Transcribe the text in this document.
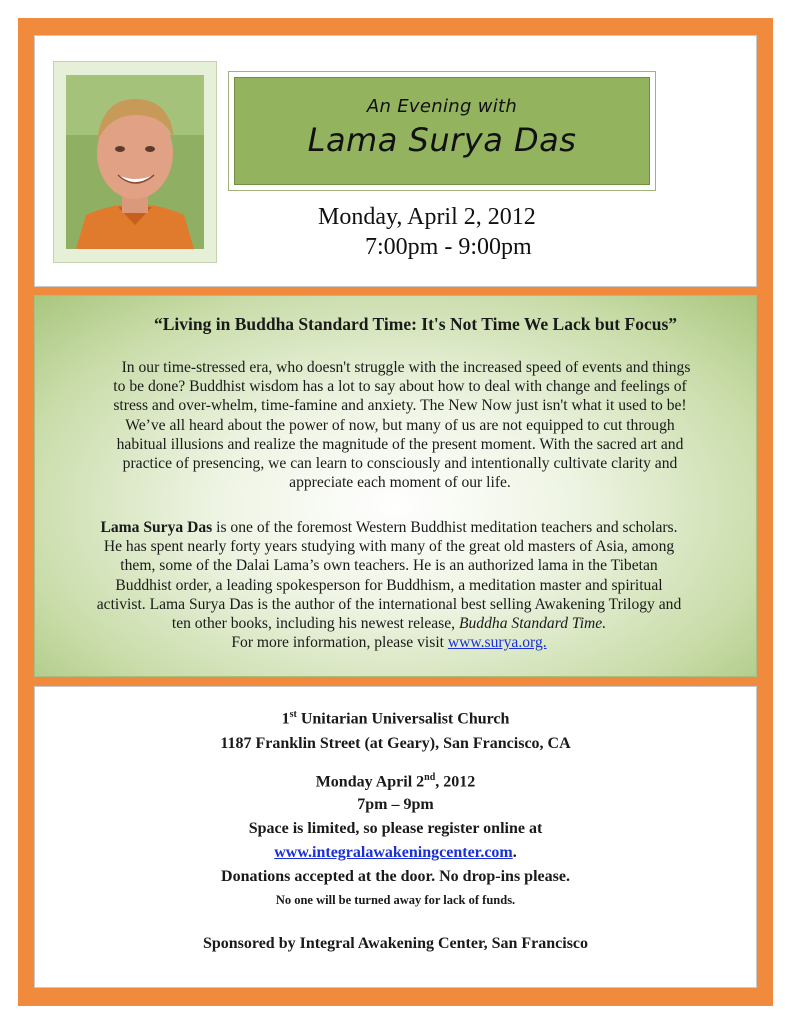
An Evening with
Lama Surya Das
Monday, April 2, 2012
7:00pm - 9:00pm
“Living in Buddha Standard Time: It's Not Time We Lack but Focus”
In our time-stressed era, who doesn't struggle with the increased speed of events and things
to be done? Buddhist wisdom has a lot to say about how to deal with change and feelings of
stress and over-whelm, time-famine and anxiety. The New Now just isn't what it used to be!
We’ve all heard about the power of now, but many of us are not equipped to cut through
habitual illusions and realize the magnitude of the present moment. With the sacred art and
practice of presencing, we can learn to consciously and intentionally cultivate clarity and
appreciate each moment of our life.
Lama Surya Das is one of the foremost Western Buddhist meditation teachers and scholars.
He has spent nearly forty years studying with many of the great old masters of Asia, among
them, some of the Dalai Lama’s own teachers. He is an authorized lama in the Tibetan
Buddhist order, a leading spokesperson for Buddhism, a meditation master and spiritual
activist. Lama Surya Das is the author of the international best selling Awakening Trilogy and
ten other books, including his newest release, Buddha Standard Time.
For more information, please visit www.surya.org.
1st Unitarian Universalist Church
1187 Franklin Street (at Geary), San Francisco, CA
Monday April 2nd, 2012
7pm – 9pm
Space is limited, so please register online at
www.integralawakeningcenter.com.
Donations accepted at the door. No drop-ins please.
No one will be turned away for lack of funds.
Sponsored by Integral Awakening Center, San Francisco
